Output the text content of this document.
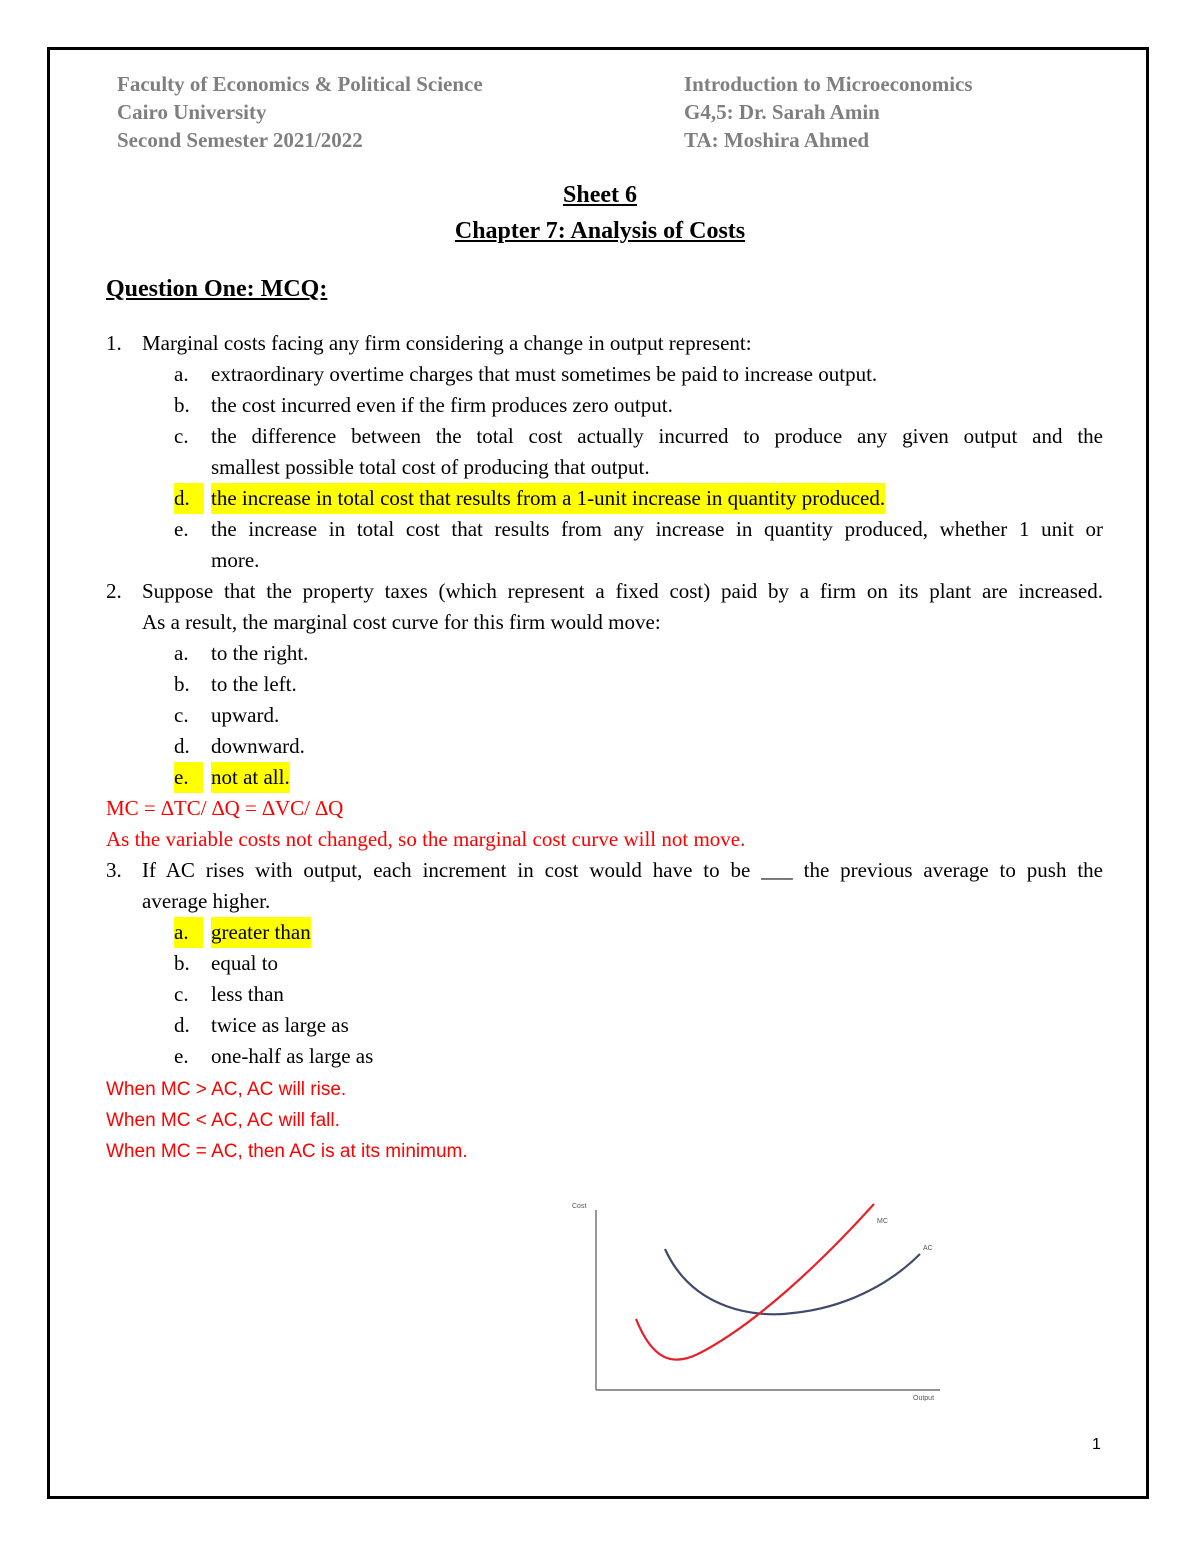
Faculty of Economics & Political Science
Cairo University
Second Semester 2021/2022
Introduction to Microeconomics
G4,5: Dr. Sarah Amin
TA: Moshira Ahmed
Sheet 6
Chapter 7: Analysis of Costs
Question One: MCQ:
1. Marginal costs facing any firm considering a change in output represent:
a. extraordinary overtime charges that must sometimes be paid to increase output.
b. the cost incurred even if the firm produces zero output.
c. the difference between the total cost actually incurred to produce any given output and the
smallest possible total cost of producing that output.
d.	the increase in total cost that results from a 1-unit increase in quantity produced.
e. the increase in total cost that results from any increase in quantity produced, whether 1 unit or
more.
2. Suppose that the property taxes (which represent a fixed cost) paid by a firm on its plant are increased.
As a result, the marginal cost curve for this firm would move:
a. to the right.
b. to the left.
c. upward.
d. downward.
e.	not at all.
MC = ∆TC/ ∆Q = ∆VC/ ∆Q
As the variable costs not changed, so the marginal cost curve will not move.
3. If AC rises with output, each increment in cost would have to be ___ the previous average to push the
average higher.
a.	greater than
b. equal to
c. less than
d. twice as large as
e. one-half as large as
When MC > AC, AC will rise.
When MC < AC, AC will fall.
When MC = AC, then AC is at its minimum.
Cost
Output
MC
AC
1
